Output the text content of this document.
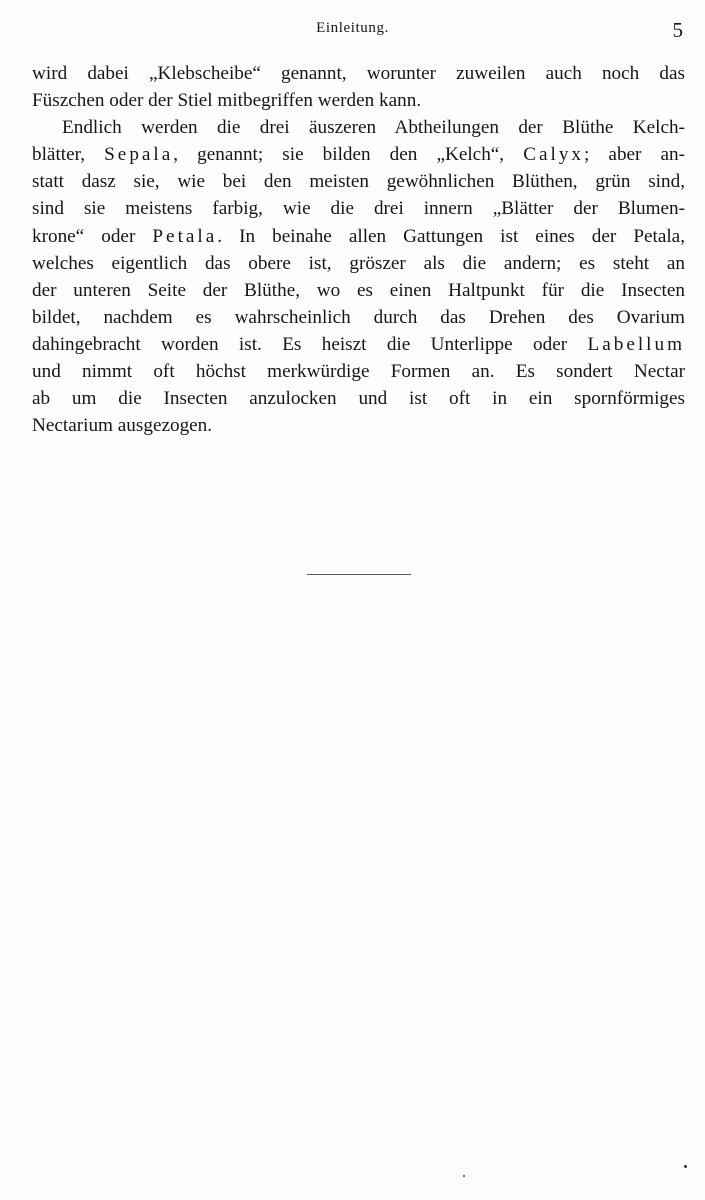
Einleitung.	5
wird dabei „Klebscheibe“ genannt, worunter zuweilen auch noch das
Füszchen oder der Stiel mitbegriffen werden kann.
Endlich werden die drei äuszeren Abtheilungen der Blüthe Kelch-
blätter, Sepala, genannt; sie bilden den „Kelch“, Calyx; aber an-
statt dasz sie, wie bei den meisten gewöhnlichen Blüthen, grün sind,
sind sie meistens farbig, wie die drei innern „Blätter der Blumen-
krone“ oder Petala. In beinahe allen Gattungen ist eines der Petala,
welches eigentlich das obere ist, gröszer als die andern; es steht an
der unteren Seite der Blüthe, wo es einen Haltpunkt für die Insecten
bildet, nachdem es wahrscheinlich durch das Drehen des Ovarium
dahingebracht worden ist. Es heiszt die Unterlippe oder Labellum
und nimmt oft höchst merkwürdige Formen an. Es sondert Nectar
ab um die Insecten anzulocken und ist oft in ein spornförmiges
Nectarium ausgezogen.
